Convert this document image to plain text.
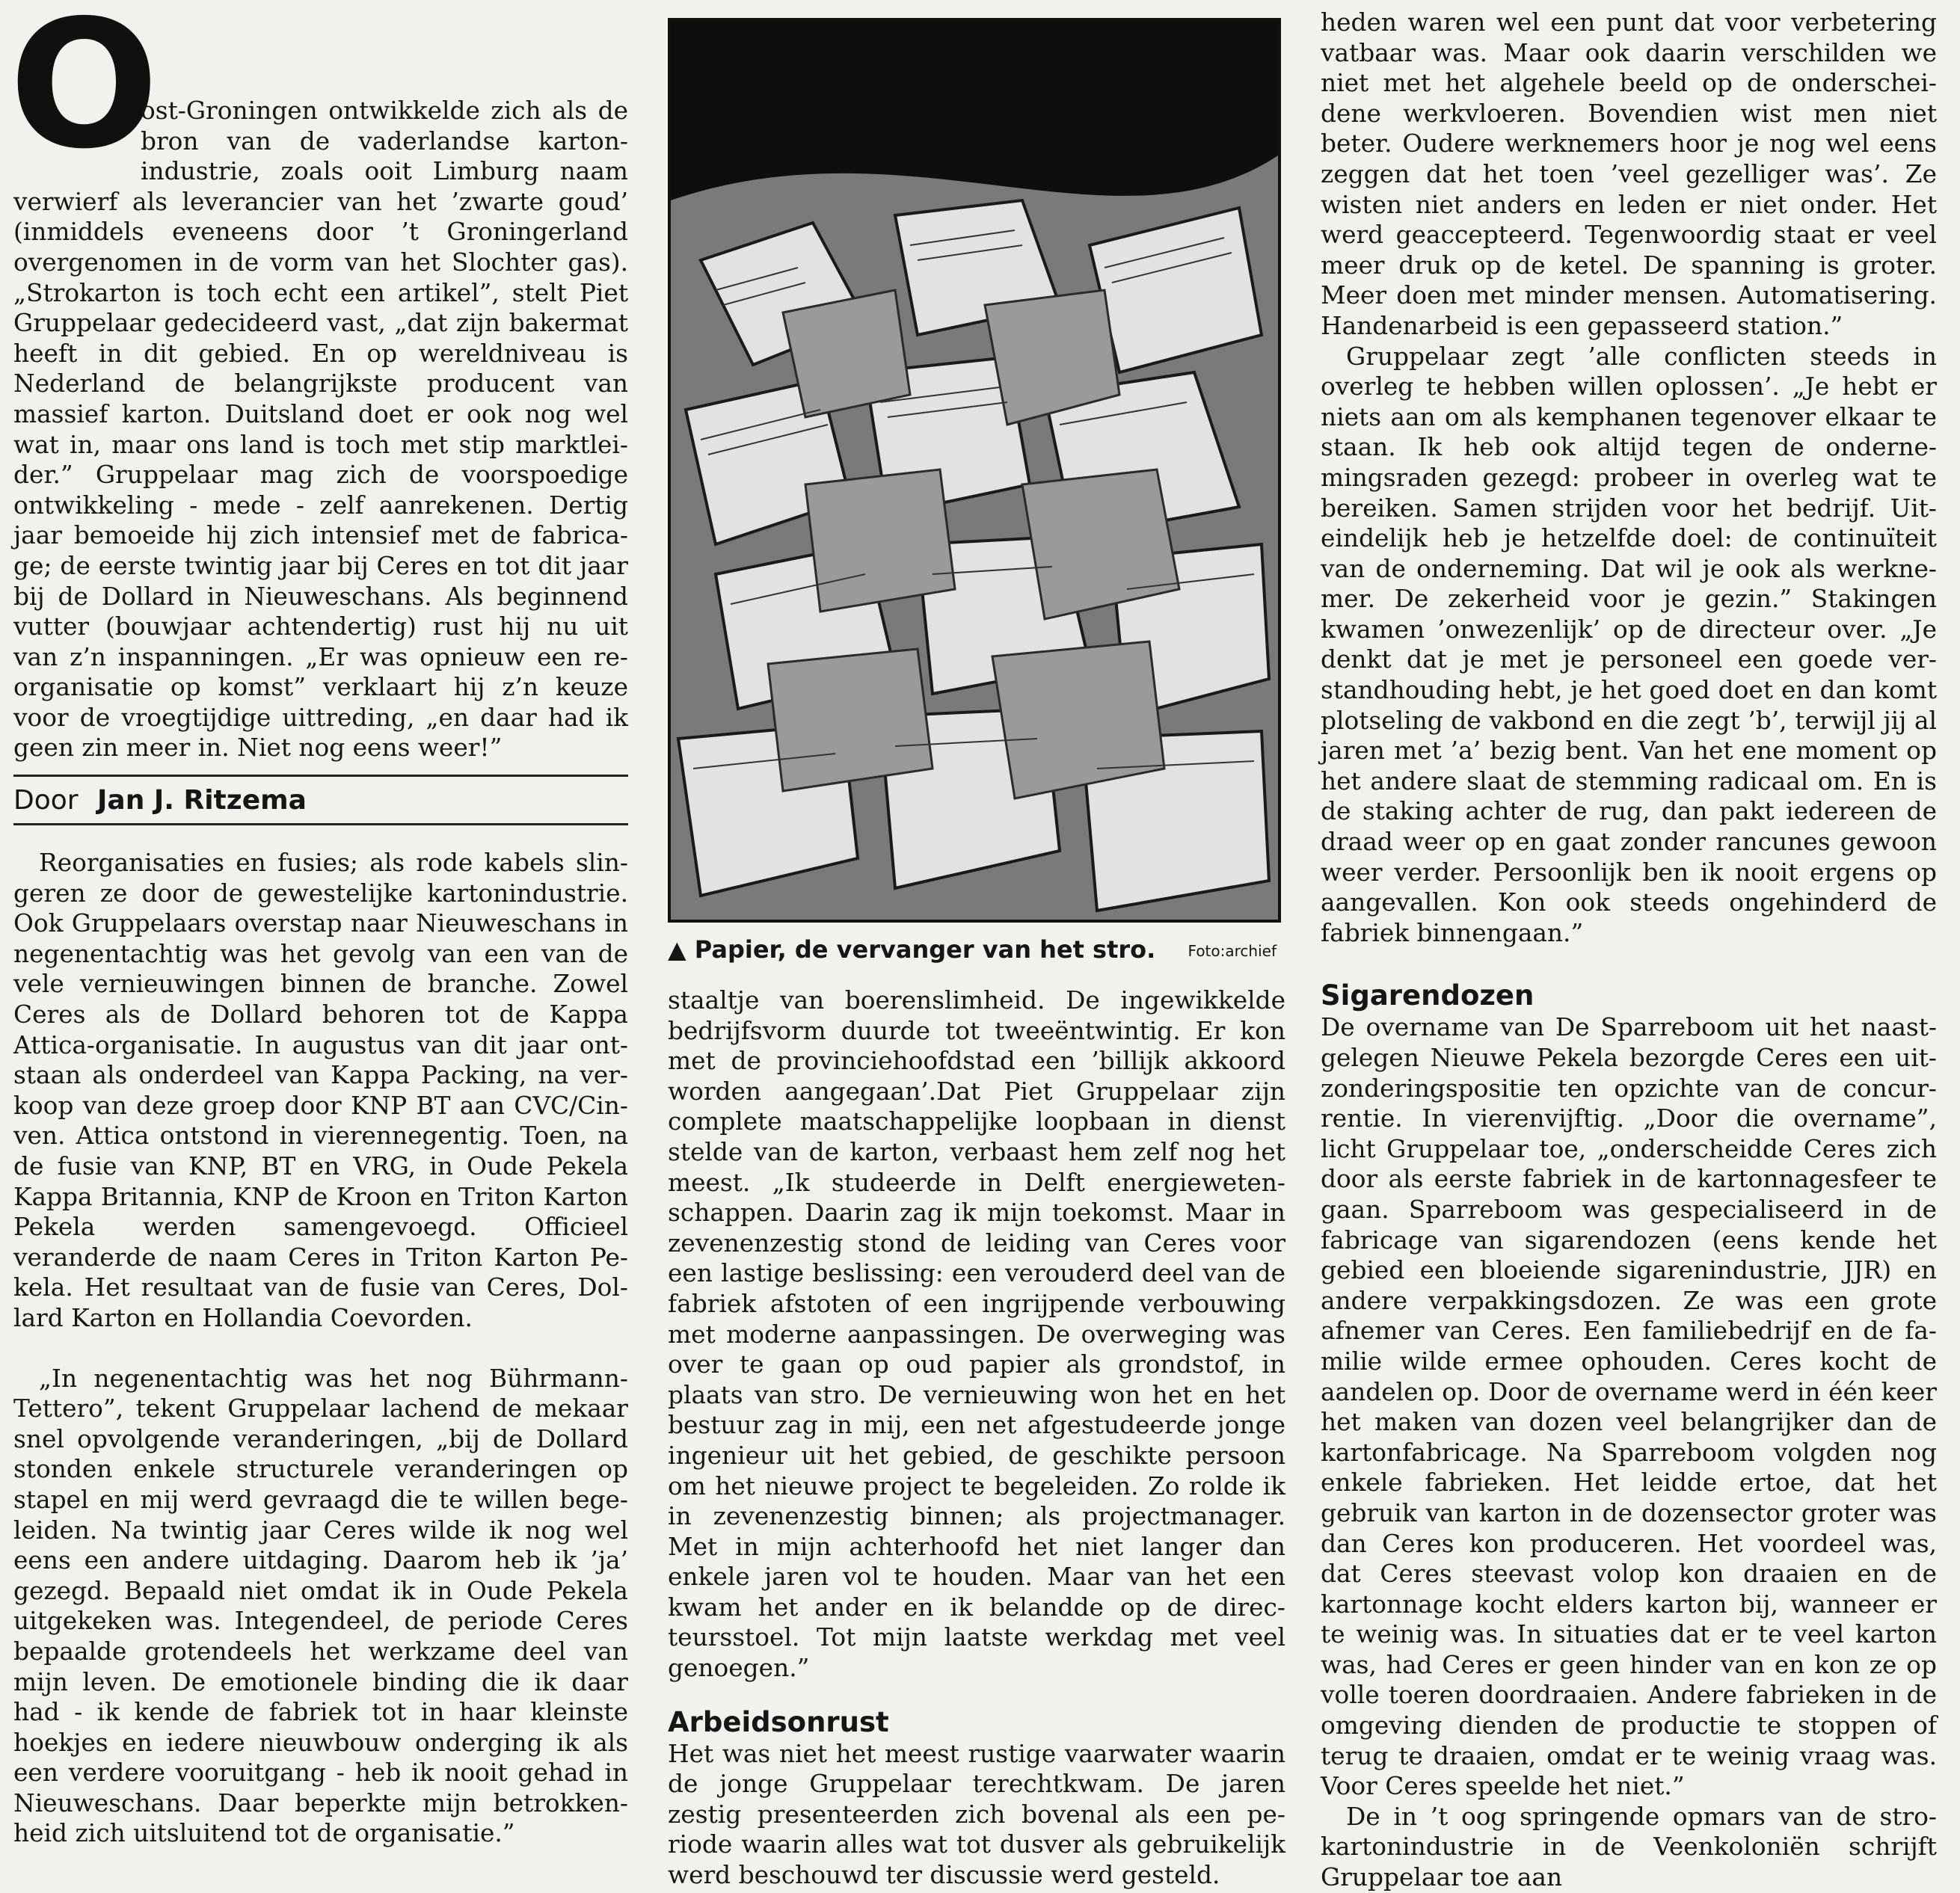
O

ost-Groningen ontwikkelde zich als de bron van de vaderlandse kartonindustrie, zoals ooit Limburg naam verwierf als leverancier van het ’zwarte goud’ (inmiddels eveneens door ’t Groningerland overgenomen in de vorm van het Slochter gas). „Strokarton is toch echt een artikel”, stelt Piet Gruppelaar gedecideerd vast, „dat zijn bakermat heeft in dit gebied. En op wereldniveau is Nederland de belangrijkste producent van massief karton. Duitsland doet er ook nog wel wat in, maar ons land is toch met stip marktleider.” Gruppelaar mag zich de voorspoedige ontwikkeling - mede - zelf aanrekenen. Dertig jaar bemoeide hij zich intensief met de fabricage; de eerste twintig jaar bij Ceres en tot dit jaar bij de Dollard in Nieuweschans. Als beginnend vutter (bouwjaar achtendertig) rust hij nu uit van z’n inspanningen. „Er was opnieuw een reorganisatie op komst” verklaart hij z’n keuze voor de vroegtijdige uittreding, „en daar had ik geen zin meer in. Niet nog eens weer!”

Door Jan J. Ritzema

Reorganisaties en fusies; als rode kabels slingeren ze door de gewestelijke kartonindustrie. Ook Gruppelaars overstap naar Nieuweschans in negenentachtig was het gevolg van een van de vele vernieuwingen binnen de branche. Zowel Ceres als de Dollard behoren tot de Kappa Attica-organisatie. In augustus van dit jaar ontstaan als onderdeel van Kappa Packing, na verkoop van deze groep door KNP BT aan CVC/Cinven. Attica ontstond in vierennegentig. Toen, na de fusie van KNP, BT en VRG, in Oude Pekela Kappa Britannia, KNP de Kroon en Triton Karton Pekela werden samengevoegd. Officieel veranderde de naam Ceres in Triton Karton Pekela. Het resultaat van de fusie van Ceres, Dollard Karton en Hollandia Coevorden.

„In negenentachtig was het nog Bührmann-Tettero”, tekent Gruppelaar lachend de mekaar snel opvolgende veranderingen, „bij de Dollard stonden enkele structurele veranderingen op stapel en mij werd gevraagd die te willen begeleiden. Na twintig jaar Ceres wilde ik nog wel eens een andere uitdaging. Daarom heb ik ’ja’ gezegd. Bepaald niet omdat ik in Oude Pekela uitgekeken was. Integendeel, de periode Ceres bepaalde grotendeels het werkzame deel van mijn leven. De emotionele binding die ik daar had - ik kende de fabriek tot in haar kleinste hoekjes en iedere nieuwbouw onderging ik als een verdere vooruitgang - heb ik nooit gehad in Nieuweschans. Daar beperkte mijn betrokkenheid zich uitsluitend tot de organisatie.”

▲ Papier, de vervanger van het stro. Foto:archief

staaltje van boerenslimheid. De ingewikkelde bedrijfsvorm duurde tot tweeëntwintig. Er kon met de provinciehoofdstad een ’billijk akkoord worden aangegaan’.Dat Piet Gruppelaar zijn complete maatschappelijke loopbaan in dienst stelde van de karton, verbaast hem zelf nog het meest. „Ik studeerde in Delft energiewetenschappen. Daarin zag ik mijn toekomst. Maar in zevenenzestig stond de leiding van Ceres voor een lastige beslissing: een verouderd deel van de fabriek afstoten of een ingrijpende verbouwing met moderne aanpassingen. De overweging was over te gaan op oud papier als grondstof, in plaats van stro. De vernieuwing won het en het bestuur zag in mij, een net afgestudeerde jonge ingenieur uit het gebied, de geschikte persoon om het nieuwe project te begeleiden. Zo rolde ik in zevenenzestig binnen; als projectmanager. Met in mijn achterhoofd het niet langer dan enkele jaren vol te houden. Maar van het een kwam het ander en ik belandde op de directeursstoel. Tot mijn laatste werkdag met veel genoegen.”

Arbeidsonrust

Het was niet het meest rustige vaarwater waarin de jonge Gruppelaar terechtkwam. De jaren zestig presenteerden zich bovenal als een periode waarin alles wat tot dusver als gebruikelijk werd beschouwd ter discussie werd gesteld.

heden waren wel een punt dat voor verbetering vatbaar was. Maar ook daarin verschilden we niet met het algehele beeld op de onderscheidene werkvloeren. Bovendien wist men niet beter. Oudere werknemers hoor je nog wel eens zeggen dat het toen ’veel gezelliger was’. Ze wisten niet anders en leden er niet onder. Het werd geaccepteerd. Tegenwoordig staat er veel meer druk op de ketel. De spanning is groter. Meer doen met minder mensen. Automatisering. Handenarbeid is een gepasseerd station.”

Gruppelaar zegt ’alle conflicten steeds in overleg te hebben willen oplossen’. „Je hebt er niets aan om als kemphanen tegenover elkaar te staan. Ik heb ook altijd tegen de ondernemingsraden gezegd: probeer in overleg wat te bereiken. Samen strijden voor het bedrijf. Uiteindelijk heb je hetzelfde doel: de continuïteit van de onderneming. Dat wil je ook als werknemer. De zekerheid voor je gezin.” Stakingen kwamen ’onwezenlijk’ op de directeur over. „Je denkt dat je met je personeel een goede verstandhouding hebt, je het goed doet en dan komt plotseling de vakbond en die zegt ’b’, terwijl jij al jaren met ’a’ bezig bent. Van het ene moment op het andere slaat de stemming radicaal om. En is de staking achter de rug, dan pakt iedereen de draad weer op en gaat zonder rancunes gewoon weer verder. Persoonlijk ben ik nooit ergens op aangevallen. Kon ook steeds ongehinderd de fabriek binnengaan.”

Sigarendozen

De overname van De Sparreboom uit het naastgelegen Nieuwe Pekela bezorgde Ceres een uitzonderingspositie ten opzichte van de concurrentie. In vierenvijftig. „Door die overname”, licht Gruppelaar toe, „onderscheidde Ceres zich door als eerste fabriek in de kartonnagesfeer te gaan. Sparreboom was gespecialiseerd in de fabricage van sigarendozen (eens kende het gebied een bloeiende sigarenindustrie, JJR) en andere verpakkingsdozen. Ze was een grote afnemer van Ceres. Een familiebedrijf en de familie wilde ermee ophouden. Ceres kocht de aandelen op. Door de overname werd in één keer het maken van dozen veel belangrijker dan de kartonfabricage. Na Sparreboom volgden nog enkele fabrieken. Het leidde ertoe, dat het gebruik van karton in de dozensector groter was dan Ceres kon produceren. Het voordeel was, dat Ceres steevast volop kon draaien en de kartonnage kocht elders karton bij, wanneer er te weinig was. In situaties dat er te veel karton was, had Ceres er geen hinder van en kon ze op volle toeren doordraaien. Andere fabrieken in de omgeving dienden de productie te stoppen of terug te draaien, omdat er te weinig vraag was. Voor Ceres speelde het niet.”

De in ’t oog springende opmars van de strokartonindustrie in de Veenkoloniën schrijft Gruppelaar toe aan
